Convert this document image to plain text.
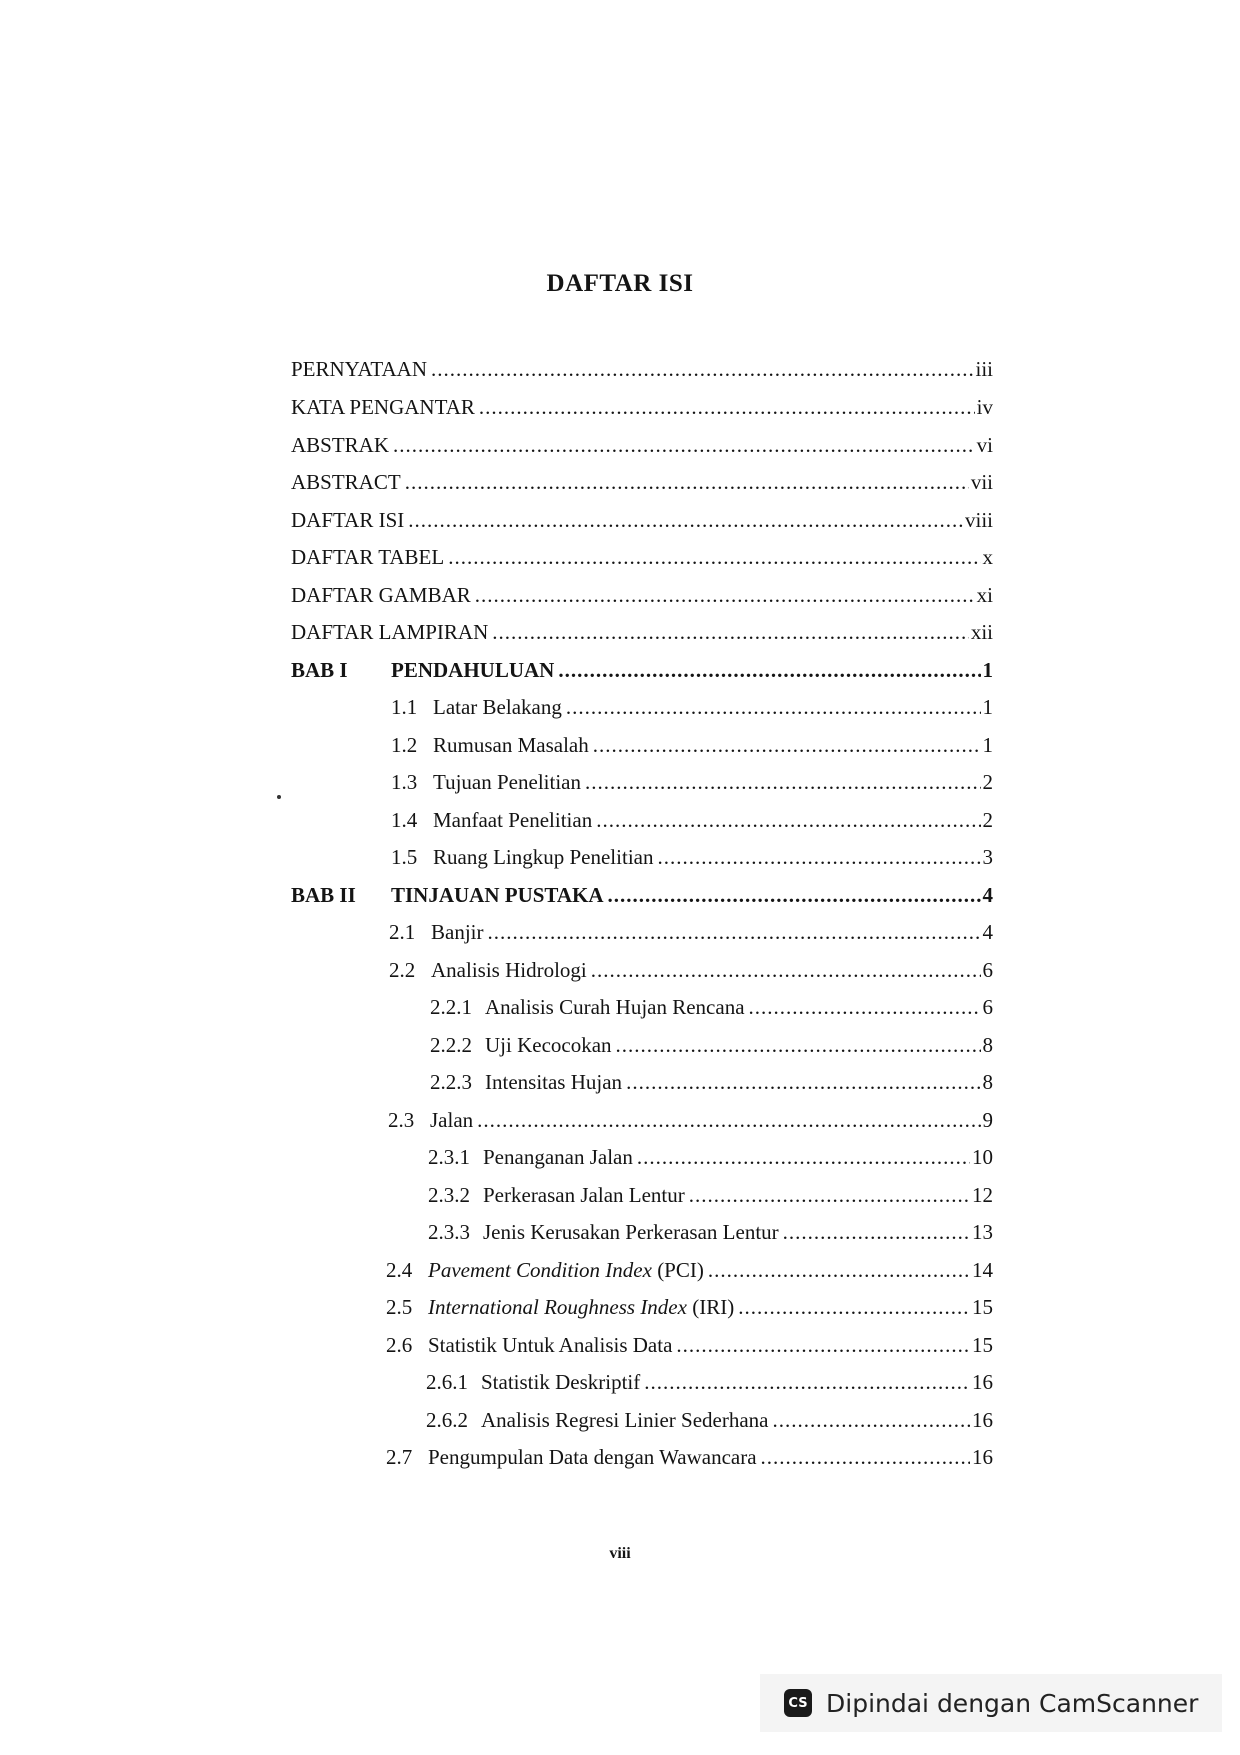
DAFTAR ISI
PERNYATAAN .....	iii
KATA PENGANTAR .....	iv
ABSTRAK .....	vi
ABSTRACT .....	vii
DAFTAR ISI .....	viii
DAFTAR TABEL .....	x
DAFTAR GAMBAR .....	xi
DAFTAR LAMPIRAN .....	xii
BAB I	PENDAHULUAN .....	1
1.1 Latar Belakang .....	1
1.2 Rumusan Masalah .....	1
1.3 Tujuan Penelitian .....	2
1.4 Manfaat Penelitian .....	2
1.5 Ruang Lingkup Penelitian .....	3
BAB II	TINJAUAN PUSTAKA .....	4
2.1 Banjir .....	4
2.2 Analisis Hidrologi .....	6
2.2.1 Analisis Curah Hujan Rencana .....	6
2.2.2 Uji Kecocokan .....	8
2.2.3 Intensitas Hujan .....	8
2.3 Jalan .....	9
2.3.1 Penanganan Jalan .....	10
2.3.2 Perkerasan Jalan Lentur .....	12
2.3.3 Jenis Kerusakan Perkerasan Lentur .....	13
2.4 Pavement Condition Index (PCI) .....	14
2.5 International Roughness Index (IRI) .....	15
2.6 Statistik Untuk Analisis Data .....	15
2.6.1 Statistik Deskriptif .....	16
2.6.2 Analisis Regresi Linier Sederhana .....	16
2.7 Pengumpulan Data dengan Wawancara .....	16
viii
CS Dipindai dengan CamScanner
